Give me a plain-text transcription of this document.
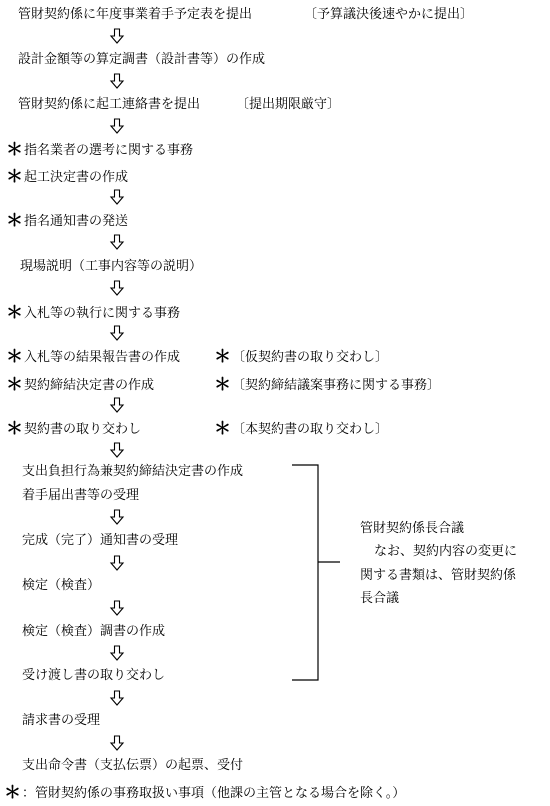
管財契約係に年度事業着手予定表を提出	〔予算議決後速やかに提出〕
設計金額等の算定調書（設計書等）の作成
管財契約係に起工連絡書を提出	〔提出期限厳守〕
＊指名業者の選考に関する事務
＊起工決定書の作成
＊指名通知書の発送
現場説明（工事内容等の説明）
＊入札等の執行に関する事務
＊入札等の結果報告書の作成 ＊〔仮契約書の取り交わし〕
＊契約締結決定書の作成	＊〔契約締結議案事務に関する事務〕
＊契約書の取り交わし	＊〔本契約書の取り交わし〕
支出負担行為兼契約締結決定書の作成
着手届出書等の受理
完成（完了）通知書の受理
検定（検査）
検定（検査）調書の作成
受け渡し書の取り交わし
請求書の受理
支出命令書（支払伝票）の起票、受付
管財契約係長合議
なお、契約内容の変更に
関する書類は、管財契約係
長合議
＊：管財契約係の事務取扱い事項（他課の主管となる場合を除く。）
